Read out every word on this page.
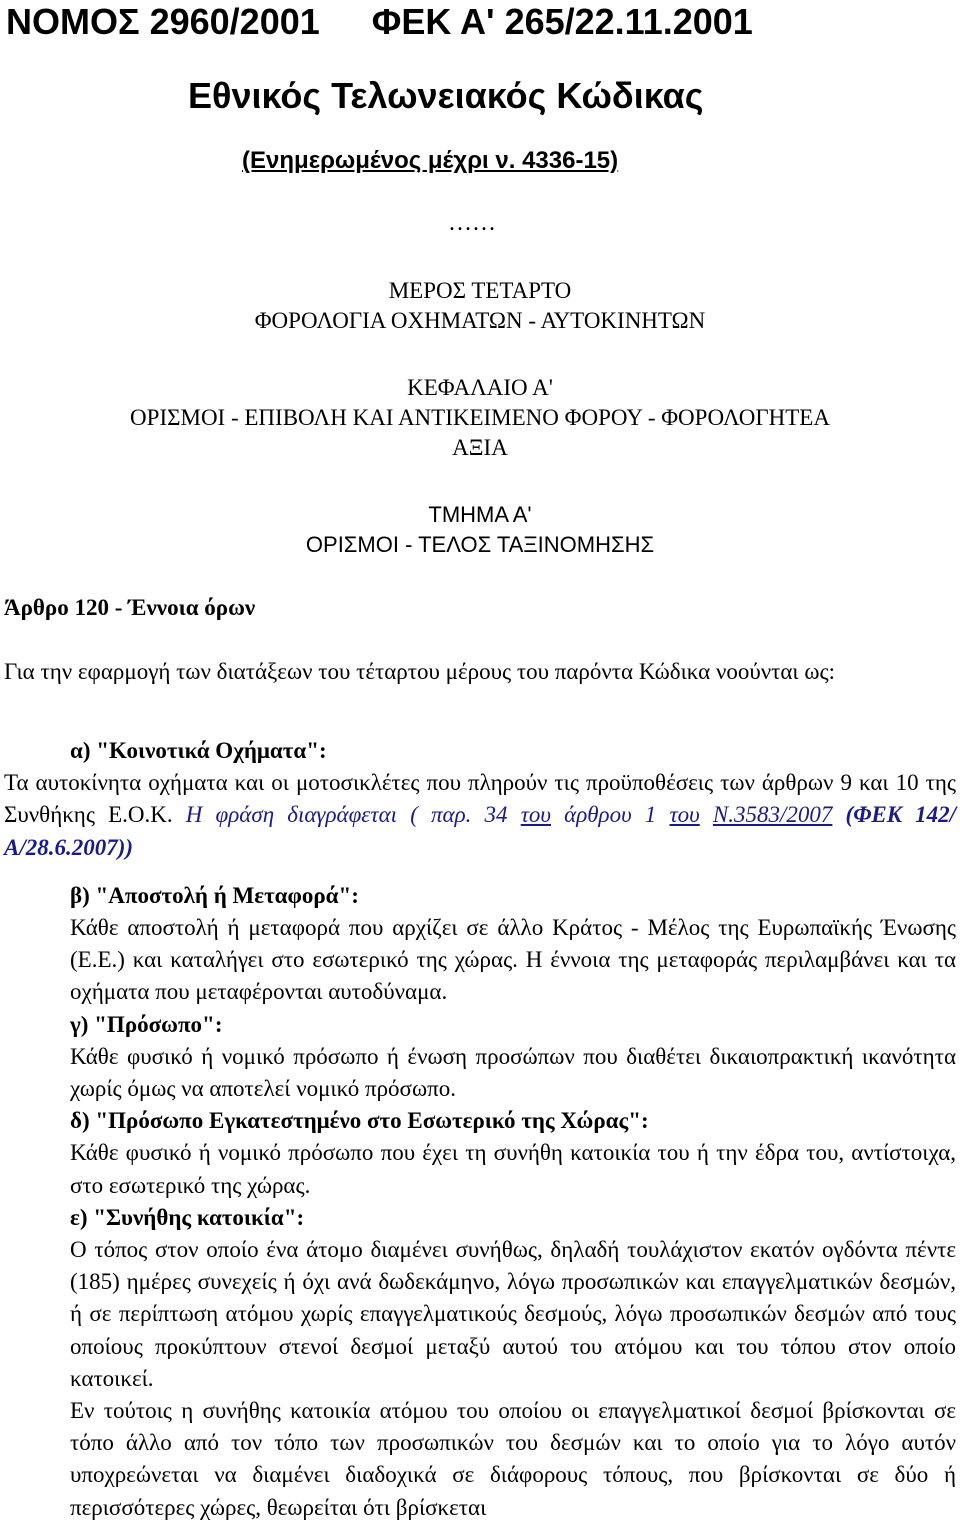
ΝΟΜΟΣ 2960/2001 ΦΕΚ Α' 265/22.11.2001
Εθνικός Τελωνειακός Κώδικας
(Ενημερωμένος μέχρι ν. 4336-15)
……
ΜΕΡΟΣ ΤΕΤΑΡΤΟ
ΦΟΡΟΛΟΓΙΑ ΟΧΗΜΑΤΩΝ - ΑΥΤΟΚΙΝΗΤΩΝ
ΚΕΦΑΛΑΙΟ Α'
ΟΡΙΣΜΟΙ - ΕΠΙΒΟΛΗ ΚΑΙ ΑΝΤΙΚΕΙΜΕΝΟ ΦΟΡΟΥ - ΦΟΡΟΛΟΓΗΤΕΑ
ΑΞΙΑ
ΤΜΗΜΑ Α'
ΟΡΙΣΜΟΙ - ΤΕΛΟΣ ΤΑΞΙΝΟΜΗΣΗΣ
Άρθρο 120 - Έννοια όρων
Για την εφαρμογή των διατάξεων του τέταρτου μέρους του παρόντα Κώδικα νοούνται ως:

α) "Κοινοτικά Οχήματα":

Τα αυτοκίνητα οχήματα και οι μοτοσικλέτες που πληρούν τις προϋποθέσεις των άρθρων 9 και 10 της Συνθήκης Ε.Ο.Κ. Η φράση διαγράφεται ( παρ. 34 του άρθρου 1 του Ν.3583/2007 (ΦΕΚ 142/Α/28.6.2007))

β) "Αποστολή ή Μεταφορά":

Κάθε αποστολή ή μεταφορά που αρχίζει σε άλλο Κράτος - Μέλος της Ευρωπαϊκής Ένωσης (Ε.Ε.) και καταλήγει στο εσωτερικό της χώρας. Η έννοια της μεταφοράς περιλαμβάνει και τα οχήματα που μεταφέρονται αυτοδύναμα.

γ) "Πρόσωπο":

Κάθε φυσικό ή νομικό πρόσωπο ή ένωση προσώπων που διαθέτει δικαιοπρακτική ικανότητα χωρίς όμως να αποτελεί νομικό πρόσωπο.

δ) "Πρόσωπο Εγκατεστημένο στο Εσωτερικό της Χώρας":

Κάθε φυσικό ή νομικό πρόσωπο που έχει τη συνήθη κατοικία του ή την έδρα του, αντίστοιχα, στο εσωτερικό της χώρας.

ε) "Συνήθης κατοικία":

Ο τόπος στον οποίο ένα άτομο διαμένει συνήθως, δηλαδή τουλάχιστον εκατόν ογδόντα πέντε (185) ημέρες συνεχείς ή όχι ανά δωδεκάμηνο, λόγω προσωπικών και επαγγελματικών δεσμών, ή σε περίπτωση ατόμου χωρίς επαγγελματικούς δεσμούς, λόγω προσωπικών δεσμών από τους οποίους προκύπτουν στενοί δεσμοί μεταξύ αυτού του ατόμου και του τόπου στον οποίο κατοικεί.

Εν τούτοις η συνήθης κατοικία ατόμου του οποίου οι επαγγελματικοί δεσμοί βρίσκονται σε τόπο άλλο από τον τόπο των προσωπικών του δεσμών και το οποίο για το λόγο αυτόν υποχρεώνεται να διαμένει διαδοχικά σε διάφορους τόπους, που βρίσκονται σε δύο ή περισσότερες χώρες, θεωρείται ότι βρίσκεται
